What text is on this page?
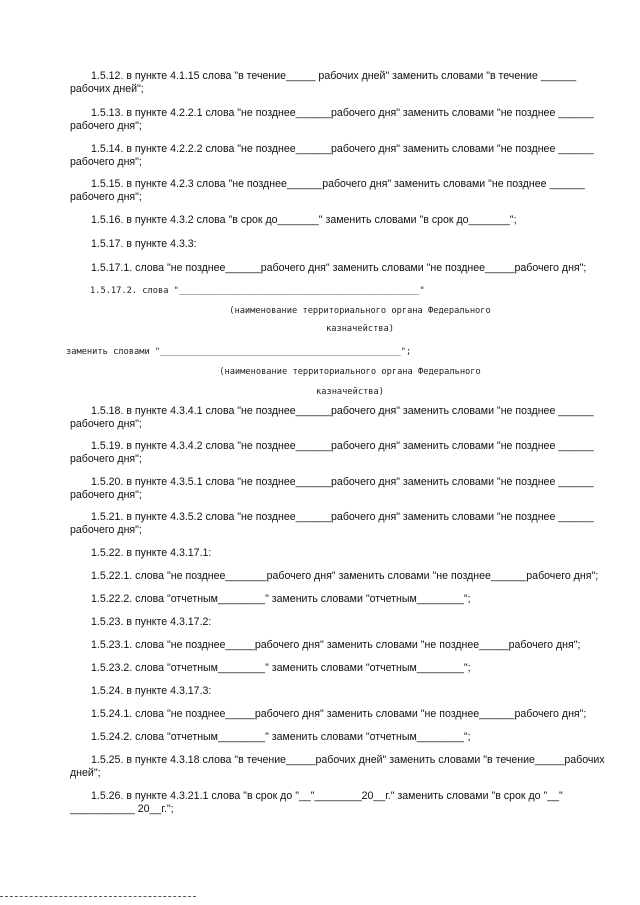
1.5.12. в пункте 4.1.15 слова "в течение_____ рабочих дней" заменить словами "в течение ______ рабочих дней";
1.5.13. в пункте 4.2.2.1 слова "не позднее______рабочего дня" заменить словами "не позднее ______ рабочего дня";
1.5.14. в пункте 4.2.2.2 слова "не позднее______рабочего дня" заменить словами "не позднее ______ рабочего дня";
1.5.15. в пункте 4.2.3 слова "не позднее______рабочего дня" заменить словами "не позднее ______ рабочего дня";
1.5.16. в пункте 4.3.2 слова "в срок до_______" заменить словами "в срок до_______";
1.5.17. в пункте 4.3.3:
1.5.17.1. слова "не позднее______рабочего дня" заменить словами "не позднее_____рабочего дня";
1.5.17.2. слова "______________________________________________"
(наименование территориального органа Федерального
казначейства)
заменить словами "______________________________________________";
(наименование территориального органа Федерального
казначейства)
1.5.18. в пункте 4.3.4.1 слова "не позднее______рабочего дня" заменить словами "не позднее ______ рабочего дня";
1.5.19. в пункте 4.3.4.2 слова "не позднее______рабочего дня" заменить словами "не позднее ______ рабочего дня";
1.5.20. в пункте 4.3.5.1 слова "не позднее______рабочего дня" заменить словами "не позднее ______ рабочего дня";
1.5.21. в пункте 4.3.5.2 слова "не позднее______рабочего дня" заменить словами "не позднее ______ рабочего дня";
1.5.22. в пункте 4.3.17.1:
1.5.22.1. слова "не позднее_______рабочего дня" заменить словами "не позднее______рабочего дня";
1.5.22.2. слова "отчетным________" заменить словами "отчетным________";
1.5.23. в пункте 4.3.17.2:
1.5.23.1. слова "не позднее_____рабочего дня" заменить словами "не позднее_____рабочего дня";
1.5.23.2. слова "отчетным________" заменить словами "отчетным________";
1.5.24. в пункте 4.3.17.3:
1.5.24.1. слова "не позднее_____рабочего дня" заменить словами "не позднее______рабочего дня";
1.5.24.2. слова "отчетным________" заменить словами "отчетным________";
1.5.25. в пункте 4.3.18 слова "в течение_____рабочих дней" заменить словами "в течение_____рабочих дней";
1.5.26. в пункте 4.3.21.1 слова "в срок до "__"________20__г." заменить словами "в срок до "__" ___________ 20__г.";
